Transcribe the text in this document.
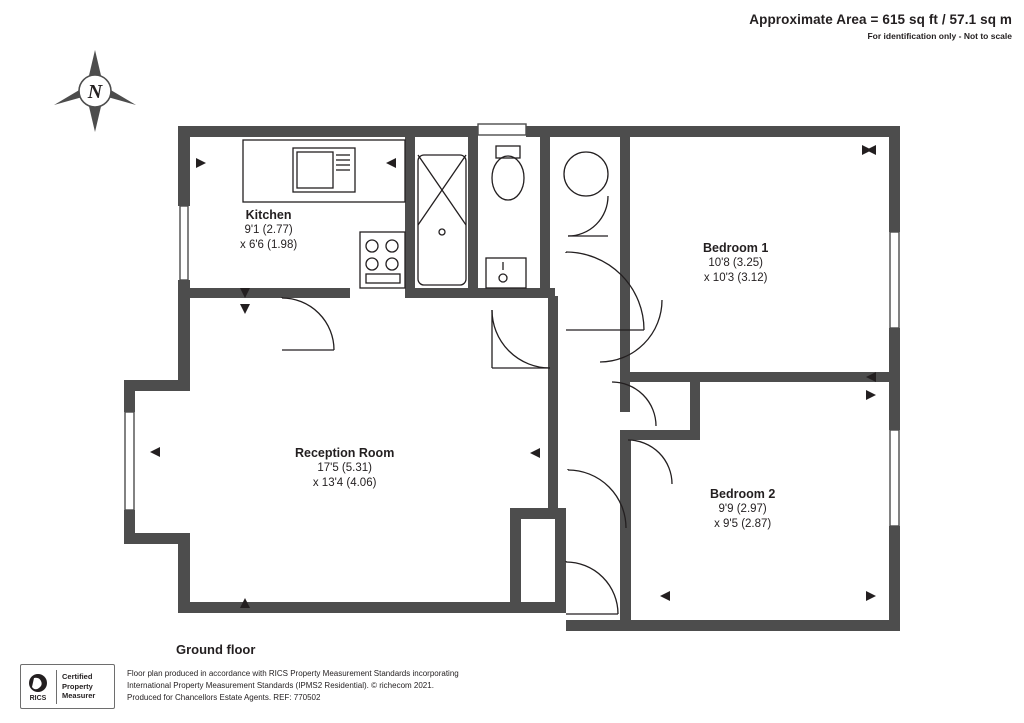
Approximate Area = 615 sq ft / 57.1 sq m
For identification only - Not to scale
N
Kitchen
9'1 (2.77)
x 6'6 (1.98)	Bedroom 1
10'8 (3.25)
x 10'3 (3.12)
Reception Room
17'5 (5.31)
x 13'4 (4.06)
Bedroom 2
9'9 (2.97)
x 9'5 (2.87)
Ground floor
RICS
Certified
Property
Measurer
Floor plan produced in accordance with RICS Property Measurement Standards incorporating
International Property Measurement Standards (IPMS2 Residential). © richecom 2021.
Produced for Chancellors Estate Agents. REF: 770502
